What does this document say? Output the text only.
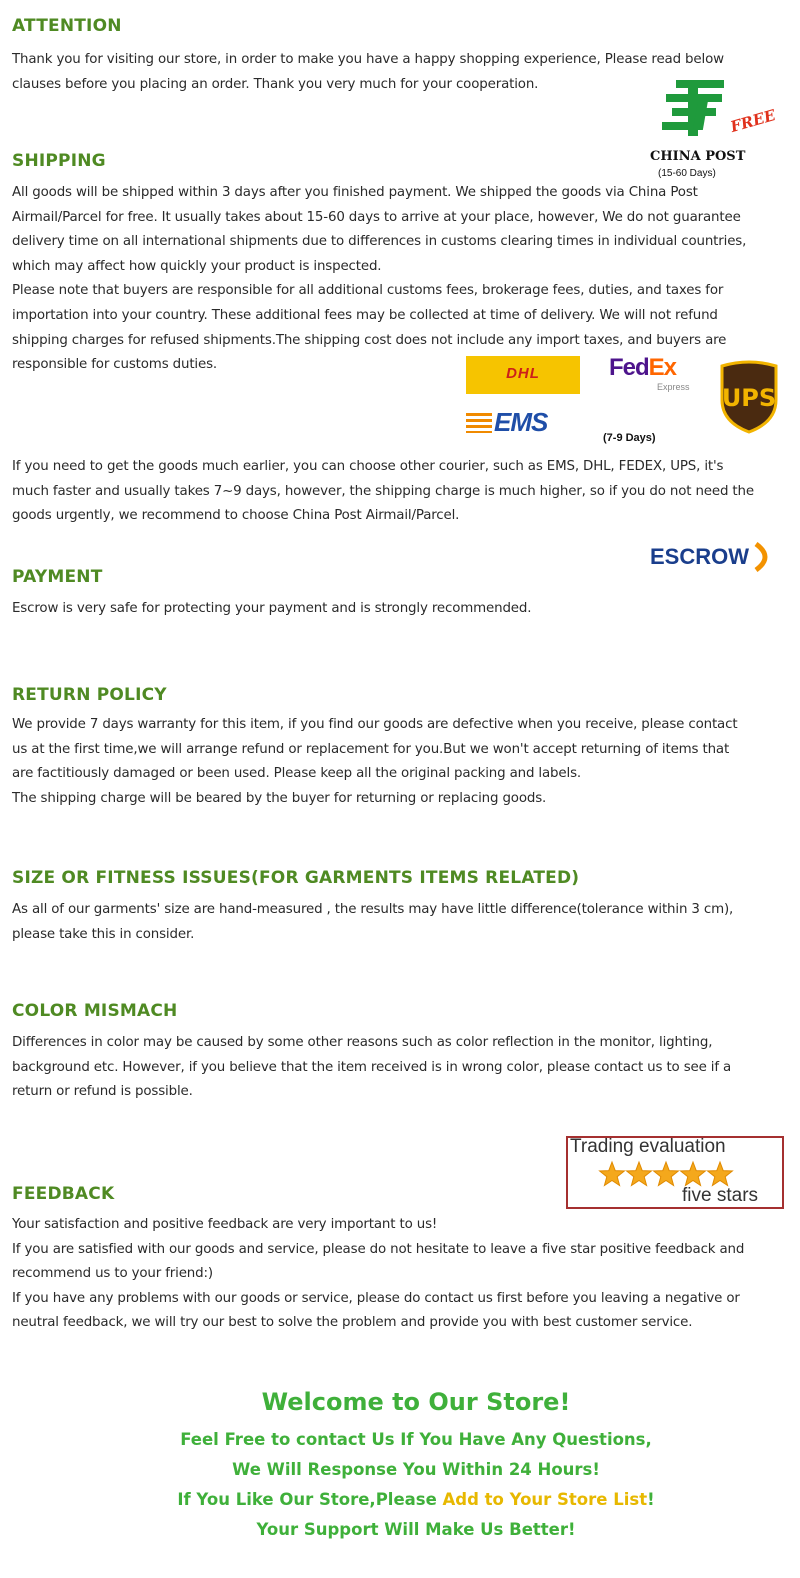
ATTENTION

Thank you for visiting our store, in order to make you have a happy shopping experience, Please read below

clauses before you placing an order. Thank you very much for your cooperation.

FREE
CHINA POST
(15-60 Days)
SHIPPING

All goods will be shipped within 3 days after you finished payment. We shipped the goods via China Post

Airmail/Parcel for free. It usually takes about 15-60 days to arrive at your place, however, We do not guarantee

delivery time on all international shipments due to differences in customs clearing times in individual countries,

which may affect how quickly your product is inspected.

Please note that buyers are responsible for all additional customs fees, brokerage fees, duties, and taxes for

importation into your country. These additional fees may be collected at time of delivery. We will not refund

shipping charges for refused shipments.The shipping cost does not include any import taxes, and buyers are

responsible for customs duties.

DHL	FedEx
Express UPS
EMS
(7-9 Days)

If you need to get the goods much earlier, you can choose other courier, such as EMS, DHL, FEDEX, UPS, it's

much faster and usually takes 7~9 days, however, the shipping charge is much higher, so if you do not need the

goods urgently, we recommend to choose China Post Airmail/Parcel.

ESCROW
PAYMENT

Escrow is very safe for protecting your payment and is strongly recommended.

RETURN POLICY

We provide 7 days warranty for this item, if you find our goods are defective when you receive, please contact

us at the first time,we will arrange refund or replacement for you.But we won't accept returning of items that

are factitiously damaged or been used. Please keep all the original packing and labels.

The shipping charge will be beared by the buyer for returning or replacing goods.

SIZE OR FITNESS ISSUES(FOR GARMENTS ITEMS RELATED)

As all of our garments' size are hand-measured , the results may have little difference(tolerance within 3 cm),

please take this in consider.

COLOR MISMACH

Differences in color may be caused by some other reasons such as color reflection in the monitor, lighting,

background etc. However, if you believe that the item received is in wrong color, please contact us to see if a

return or refund is possible.

Trading evaluation
five stars
FEEDBACK

Your satisfaction and positive feedback are very important to us!

If you are satisfied with our goods and service, please do not hesitate to leave a five star positive feedback and

recommend us to your friend:)

If you have any problems with our goods or service, please do contact us first before you leaving a negative or

neutral feedback, we will try our best to solve the problem and provide you with best customer service.

Welcome to Our Store!
Feel Free to contact Us If You Have Any Questions,
We Will Response You Within 24 Hours!
If You Like Our Store,Please Add to Your Store List!
Your Support Will Make Us Better!
